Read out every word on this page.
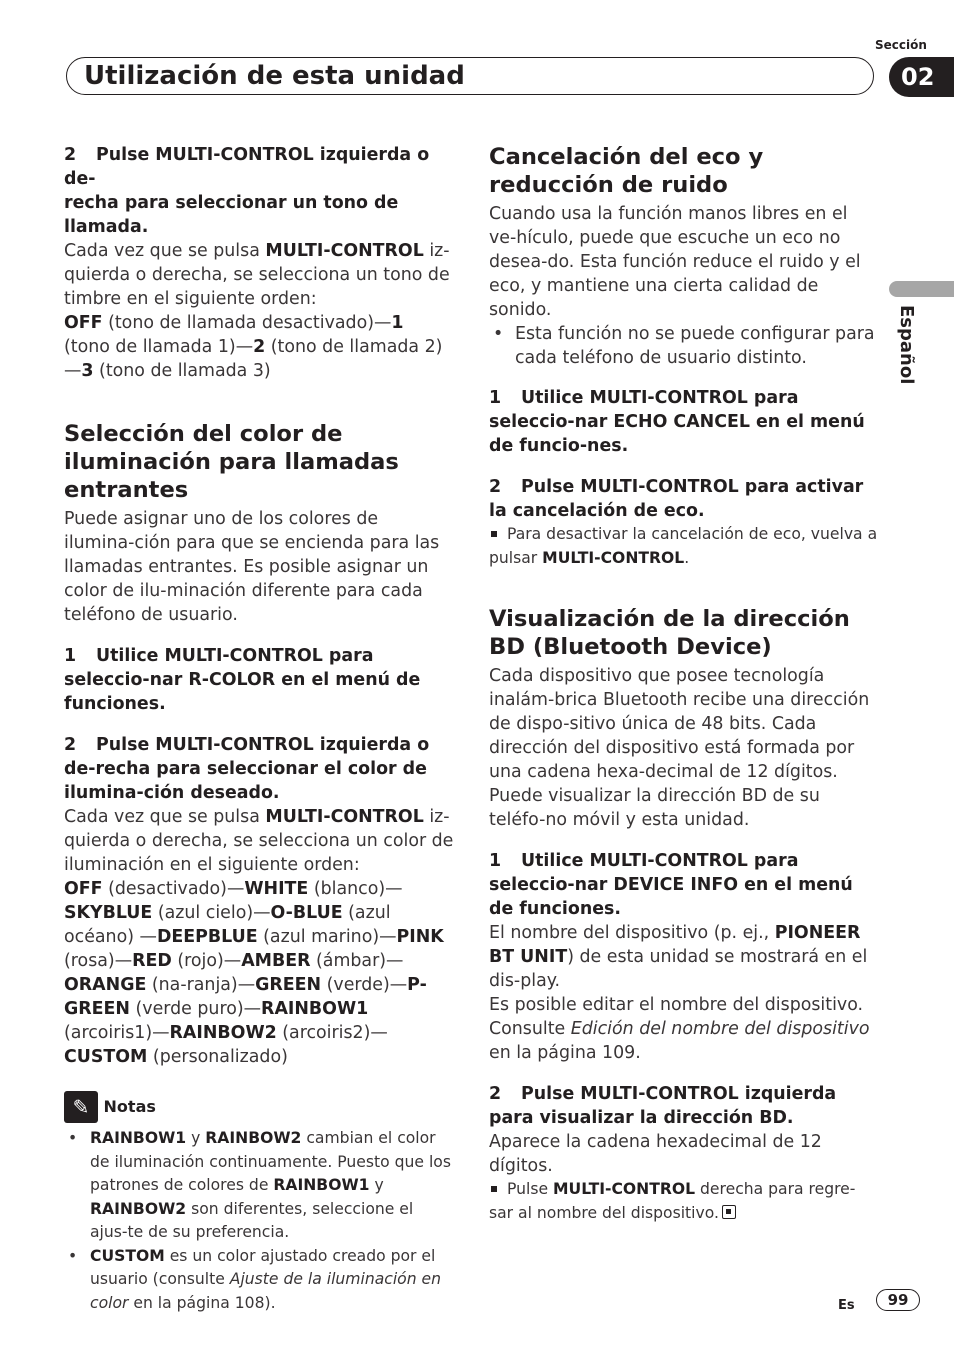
Sección
Utilización de esta unidad	02
Español

2 Pulse MULTI-CONTROL izquierda o de-
recha para seleccionar un tono de llamada.

Cada vez que se pulsa MULTI-CONTROL iz-quierda o derecha, se selecciona un tono de timbre en el siguiente orden:

OFF (tono de llamada desactivado)—1 (tono de llamada 1)—2 (tono de llamada 2)—3 (tono de llamada 3)

Selección del color de iluminación para llamadas entrantes

Puede asignar uno de los colores de ilumina-ción para que se encienda para las llamadas entrantes. Es posible asignar un color de ilu-minación diferente para cada teléfono de usuario.

1 Utilice MULTI-CONTROL para seleccio-nar R-COLOR en el menú de funciones.

2 Pulse MULTI-CONTROL izquierda o de-recha para seleccionar el color de ilumina-ción deseado.

Cada vez que se pulsa MULTI-CONTROL iz-quierda o derecha, se selecciona un color de iluminación en el siguiente orden:

OFF (desactivado)—WHITE (blanco)—SKYBLUE (azul cielo)—O-BLUE (azul océano) —DEEPBLUE (azul marino)—PINK (rosa)—RED (rojo)—AMBER (ámbar)—ORANGE (na-ranja)—GREEN (verde)—P-GREEN (verde puro)—RAINBOW1 (arcoiris1)—RAINBOW2 (arcoiris2)—CUSTOM (personalizado)

✎ Notas

• RAINBOW1 y RAINBOW2 cambian el color de iluminación continuamente. Puesto que los patrones de colores de RAINBOW1 y RAINBOW2 son diferentes, seleccione el ajus-te de su preferencia.

• CUSTOM es un color ajustado creado por el usuario (consulte Ajuste de la iluminación en color en la página 108).

Cancelación del eco y reducción de ruido

Cuando usa la función manos libres en el ve-hículo, puede que escuche un eco no desea-do. Esta función reduce el ruido y el eco, y mantiene una cierta calidad de sonido.

• Esta función no se puede configurar para cada teléfono de usuario distinto.

1 Utilice MULTI-CONTROL para seleccio-nar ECHO CANCEL en el menú de funcio-nes.

2 Pulse MULTI-CONTROL para activar la cancelación de eco.

Para desactivar la cancelación de eco, vuelva a pulsar MULTI-CONTROL.

Visualización de la dirección BD (Bluetooth Device)

Cada dispositivo que posee tecnología inalám-brica Bluetooth recibe una dirección de dispo-sitivo única de 48 bits. Cada dirección del dispositivo está formada por una cadena hexa-decimal de 12 dígitos.

Puede visualizar la dirección BD de su teléfo-no móvil y esta unidad.

1 Utilice MULTI-CONTROL para seleccio-nar DEVICE INFO en el menú de funciones.

El nombre del dispositivo (p. ej., PIONEER BT UNIT) de esta unidad se mostrará en el dis-play.

Es posible editar el nombre del dispositivo.

Consulte Edición del nombre del dispositivo en la página 109.

2 Pulse MULTI-CONTROL izquierda para visualizar la dirección BD.

Aparece la cadena hexadecimal de 12 dígitos.

Pulse MULTI-CONTROL derecha para regre-sar al nombre del dispositivo.

Es	99
